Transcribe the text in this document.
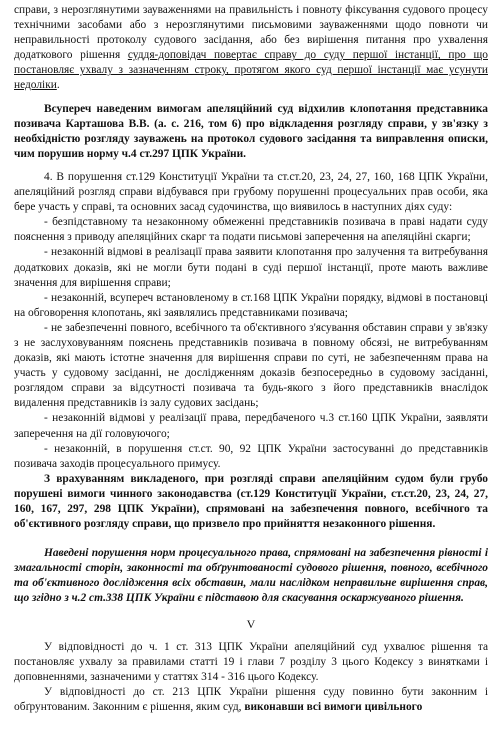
справи, з нерозглянутими зауваженнями на правильність і повноту фіксування судового процесу технічними засобами або з нерозглянутими письмовими зауваженнями щодо повноти чи неправильності протоколу судового засідання, або без вирішення питання про ухвалення додаткового рішення суддя-доповідач повертає справу до суду першої інстанції, про що постановляє ухвалу з зазначенням строку, протягом якого суд першої інстанції має усунути недоліки.

Всупереч наведеним вимогам апеляційний суд відхилив клопотання представника позивача Карташова В.В. (а. с. 216, том 6) про відкладення розгляду справи, у зв'язку з необхідністю розгляду зауважень на протокол судового засідання та виправлення описки, чим порушив норму ч.4 ст.297 ЦПК України.

4. В порушення ст.129 Конституції України та ст.ст.20, 23, 24, 27, 160, 168 ЦПК України, апеляційний розгляд справи відбувався при грубому порушенні процесуальних прав особи, яка бере участь у справі, та основних засад судочинства, що виявилось в наступних діях суду:

- безпідставному та незаконному обмеженні представників позивача в праві надати суду пояснення з приводу апеляційних скарг та подати письмові заперечення на апеляційні скарги;

- незаконній відмові в реалізації права заявити клопотання про залучення та витребування додаткових доказів, які не могли бути подані в суді першої інстанції, проте мають важливе значення для вирішення справи;

- незаконній, всупереч встановленому в ст.168 ЦПК України порядку, відмові в постановці на обговорення клопотань, які заявлялись представниками позивача;

- не забезпеченні повного, всебічного та об'єктивного з'ясування обставин справи у зв'язку з не заслуховуванням пояснень представників позивача в повному обсязі, не витребуванням доказів, які мають істотне значення для вирішення справи по суті, не забезпеченням права на участь у судовому засіданні, не дослідженням доказів безпосередньо в судовому засіданні, розглядом справи за відсутності позивача та будь-якого з його представників внаслідок видалення представників із залу судових засідань;

- незаконній відмові у реалізації права, передбаченого ч.3 ст.160 ЦПК України, заявляти заперечення на дії головуючого;

- незаконній, в порушення ст.ст. 90, 92 ЦПК України застосуванні до представників позивача заходів процесуального примусу.

З врахуванням викладеного, при розгляді справи апеляційним судом були грубо порушені вимоги чинного законодавства (ст.129 Конституції України, ст.ст.20, 23, 24, 27, 160, 167, 297, 298 ЦПК України), спрямовані на забезпечення повного, всебічного та об'єктивного розгляду справи, що призвело про прийняття незаконного рішення.

Наведені порушення норм процесуального права, спрямовані на забезпечення рівності і змагальності сторін, законності та обґрунтованості судового рішення, повного, всебічного та об'єктивного дослідження всіх обставин, мали наслідком неправильне вирішення справ, що згідно з ч.2 ст.338 ЦПК України є підставою для скасування оскаржуваного рішення.

V

У відповідності до ч. 1 ст. 313 ЦПК України апеляційний суд ухвалює рішення та постановляє ухвалу за правилами статті 19 і глави 7 розділу 3 цього Кодексу з винятками і доповненнями, зазначеними у статтях 314 - 316 цього Кодексу.

У відповідності до ст. 213 ЦПК України рішення суду повинно бути законним і обґрунтованим. Законним є рішення, яким суд, виконавши всі вимоги цивільного
